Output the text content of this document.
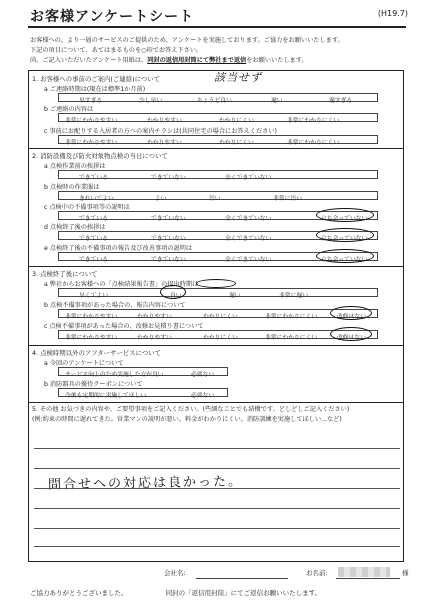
お客様アンケートシート	(H19.7)
お客様への、より一層のサービスのご提供のため、アンケートを実施しております。ご協力をお願いいたします。
下記の項目について、あてはまるものを○印でお答え下さい。
尚、ご記入いただいたアンケート用紙は、同封の返信用封筒にて弊社まで返信をお願いいたします。
1. お客様への事前のご案内(ご連絡)について	該当せず
a ご連絡時期は(現在は標準1か月前)
早すぎる	少し早い	ちょうど良い	遅い	遅すぎる
b ご連絡の内容は
非常にわかりやすい	わかりやすい	わかりにくい	非常にわかりにくい
c 事前にお配りする入居者の方への案内チラシは(共同住宅の場合にお答えください)
非常にわかりやすい	わかりやすい	わかりにくい	非常にわかりにくい
2. 消防設備及び防火対象物点検の当日について
a 点検作業前の挨拶は
できている	できていない	全くできていない
b 点検時の作業服は
きれいでよい	よい	汚い	非常に汚い
c 点検中の不備事項等の説明は
できている	できていない	全くできていない	立ち会っていない
d 点検終了後の挨拶は
できている	できていない	全くできていない	立ち会っていない
e 点検終了後の不備事項の報告及び改善事項の説明は
できている	できていない	全くできていない	立ち会っていない
3. 点検終了後について
a 弊社からお客様への「点検結果報告書」の提出時期は
早くてよい	良い	遅い	非常に遅い
b 点検不備事項があった場合の、報告内容について
非常にわかりやすい	わかりやすい	わかりにくい	非常にわかりにくい	改修はない
c 点検不備事項があった場合の、改修お見積り書について
非常にわかりやすい	わかりやすい	わかりにくい	非常にわかりにくい	改修はない
4. 点検時期以外のアフターサービスについて
a 今回のアンケートについて
サービス向上のため実施した方が良い	必要ない
b 消防器具の優待クーポンについて
今後も定期的に実施してほしい	必要ない
5. その他 お気づきの内容や、ご要望事項をご記入ください。(些細なことでも結構です。どしどしご記入ください)
(例:約束の時間に遅れてきた。営業マンの説明が悪い。料金がわかりにくい。消防訓練を実施してほしい...など)
問合せへの対応は良かった。
会社名:	お名前:	様
ご協力ありがとうございました。	同封の「返信用封筒」にてご返信お願いいたします。
